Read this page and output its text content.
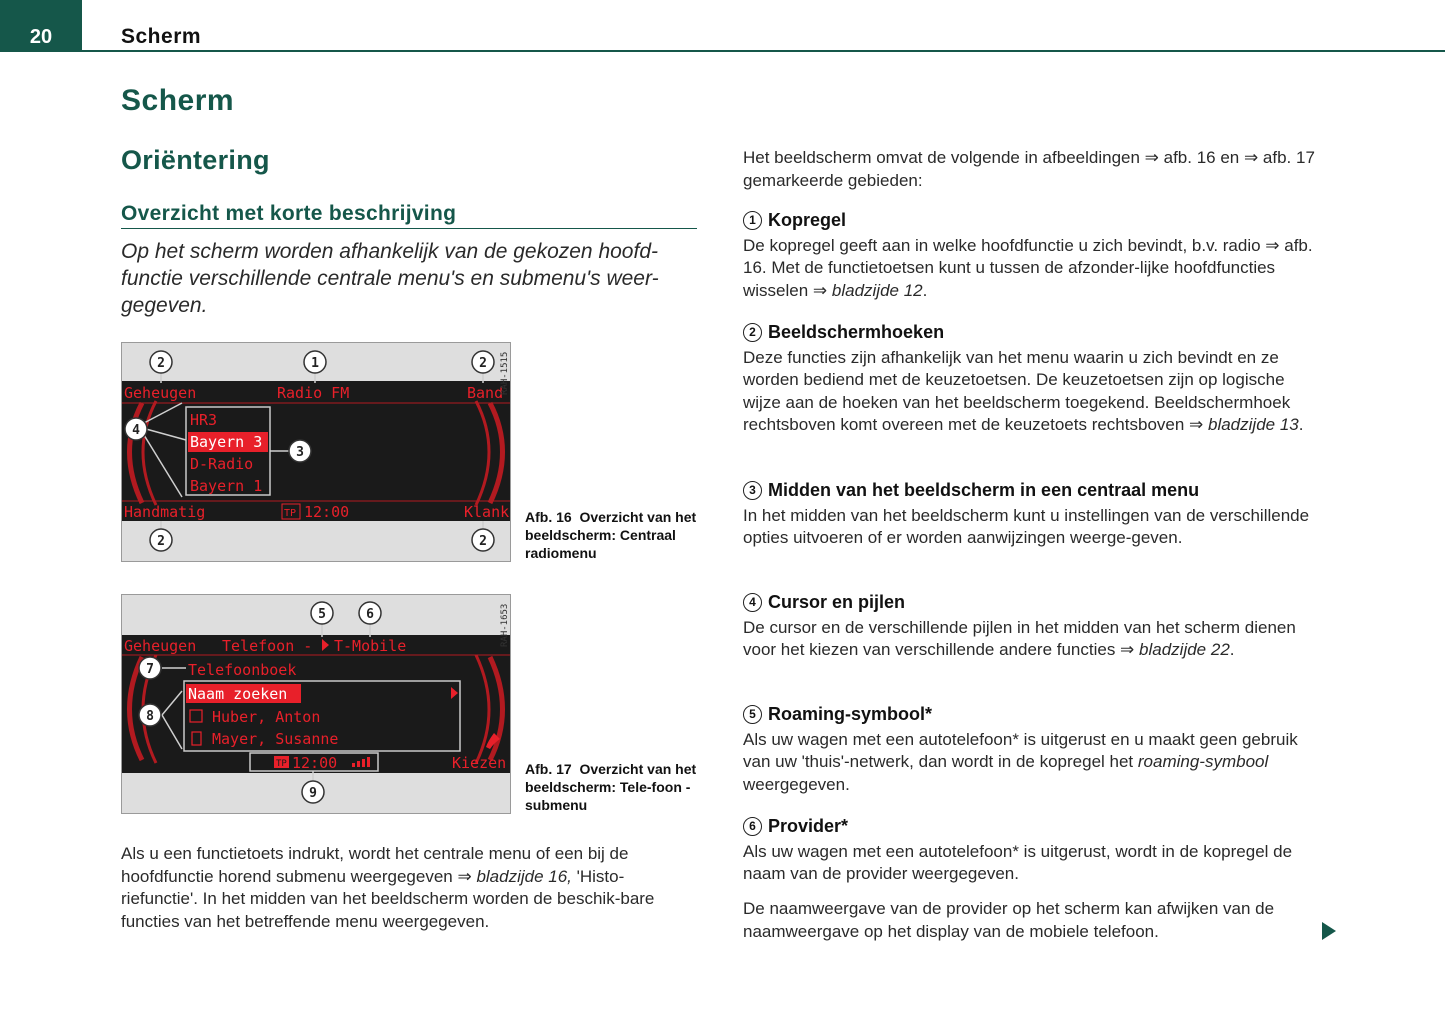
20	Scherm
Scherm
Oriëntering
Overzicht met korte beschrijving

Op het scherm worden afhankelijk van de gekozen hoofd-functie verschillende centrale menu's en submenu's weer-gegeven.

Geheugen	Radio FM	Band
HR3
Bayern 3
D-Radio
Bayern 1
Handmatig	TP 12:00	Klank
2	1	2
4
3
2	2
RAH-1515
Afb. 16 Overzicht van het beeldscherm: Centraal radiomenu
Geheugen Telefoon - T-Mobile
Telefoonboek
Naam zoeken
Huber, Anton
Mayer, Susanne
TP 12:00	Kiezen
5	6
7
8
9
RAH-1653
Afb. 17 Overzicht van het beeldscherm: Tele-foon - submenu

Als u een functietoets indrukt, wordt het centrale menu of een bij de hoofdfunctie horend submenu weergegeven ⇒ bladzijde 16, 'Histo-riefunctie'. In het midden van het beeldscherm worden de beschik-bare functies van het betreffende menu weergegeven.

Het beeldscherm omvat de volgende in afbeeldingen ⇒ afb. 16 en ⇒ afb. 17 gemarkeerde gebieden:

1 Kopregel

De kopregel geeft aan in welke hoofdfunctie u zich bevindt, b.v. radio ⇒ afb. 16. Met de functietoetsen kunt u tussen de afzonder-lijke hoofdfuncties wisselen ⇒ bladzijde 12.

2 Beeldschermhoeken

Deze functies zijn afhankelijk van het menu waarin u zich bevindt en ze worden bediend met de keuzetoetsen. De keuzetoetsen zijn op logische wijze aan de hoeken van het beeldscherm toegekend. Beeldschermhoek rechtsboven komt overeen met de keuzetoets rechtsboven ⇒ bladzijde 13.

3 Midden van het beeldscherm in een centraal menu

In het midden van het beeldscherm kunt u instellingen van de verschillende opties uitvoeren of er worden aanwijzingen weerge-geven.

4 Cursor en pijlen

De cursor en de verschillende pijlen in het midden van het scherm dienen voor het kiezen van verschillende andere functies ⇒ bladzijde 22.

5 Roaming-symbool*

Als uw wagen met een autotelefoon* is uitgerust en u maakt geen gebruik van uw 'thuis'-netwerk, dan wordt in de kopregel het roaming-symbool weergegeven.

6 Provider*

Als uw wagen met een autotelefoon* is uitgerust, wordt in de kopregel de naam van de provider weergegeven.

De naamweergave van de provider op het scherm kan afwijken van de naamweergave op het display van de mobiele telefoon.
